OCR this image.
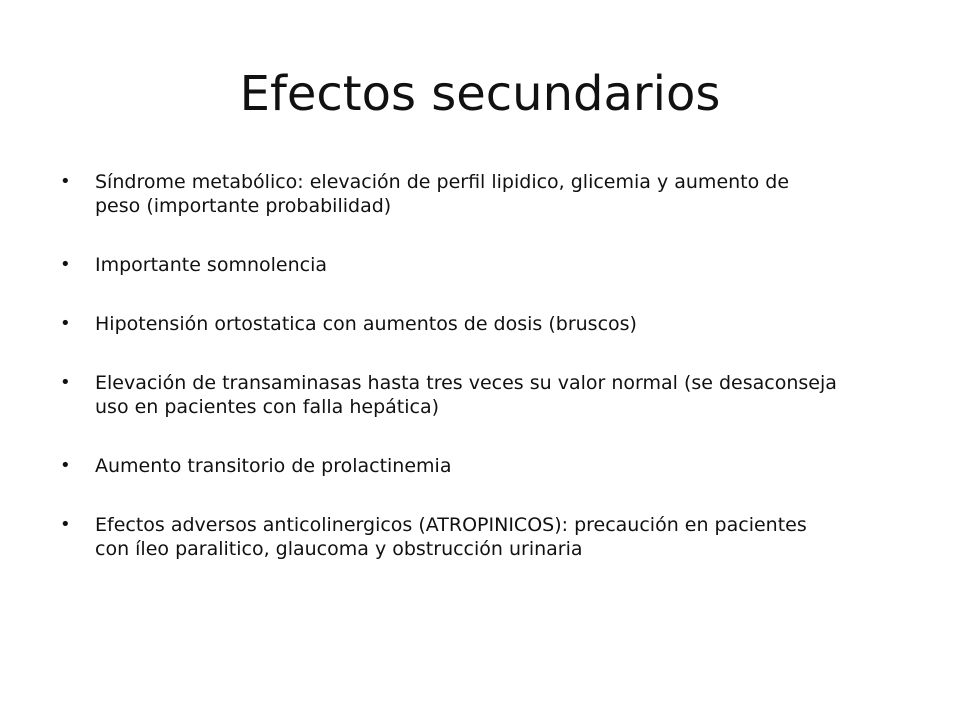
Efectos secundarios
•	Síndrome metabólico: elevación de perfil lipidico, glicemia y aumento de peso (importante probabilidad)
•	Importante somnolencia
•	Hipotensión ortostatica con aumentos de dosis (bruscos)
•	Elevación de transaminasas hasta tres veces su valor normal (se desaconseja uso en pacientes con falla hepática)
•	Aumento transitorio de prolactinemia
•	Efectos adversos anticolinergicos (ATROPINICOS): precaución en pacientes con íleo paralitico, glaucoma y obstrucción urinaria
